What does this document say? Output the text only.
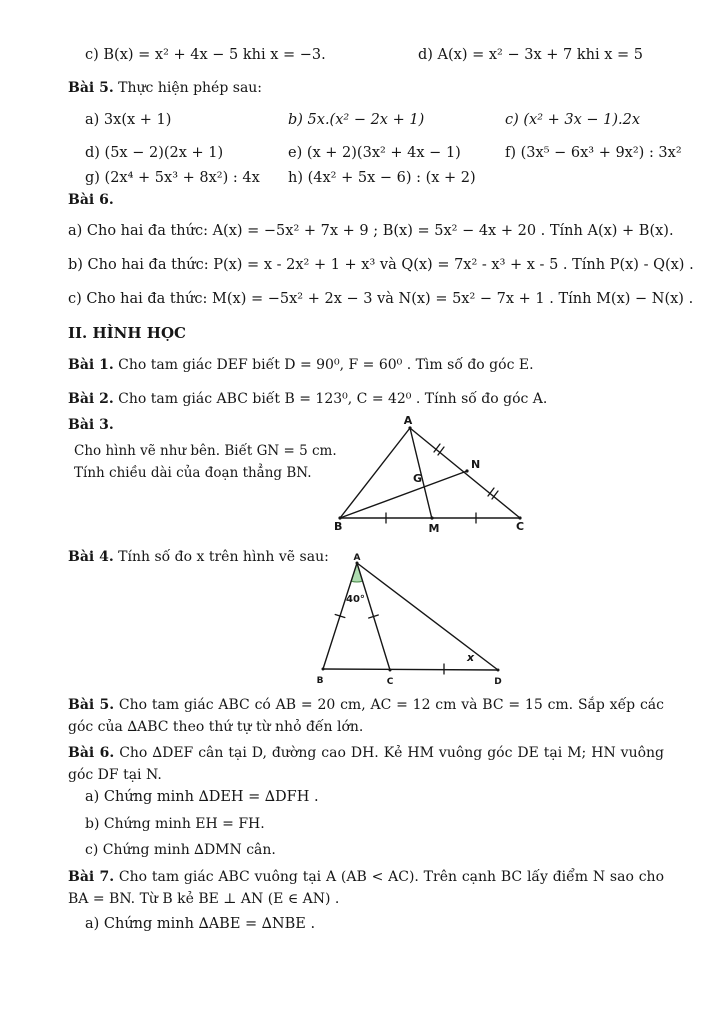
c) B(x) = x² + 4x − 5 khi x = −3.	d) A(x) = x² − 3x + 7 khi x = 5
Bài 5. Thực hiện phép sau:
a) 3x(x + 1)	b) 5x.(x² − 2x + 1)	c) (x² + 3x − 1).2x
d) (5x − 2)(2x + 1)	e) (x + 2)(3x² + 4x − 1)	f) (3x⁵ − 6x³ + 9x²) : 3x²
g) (2x⁴ + 5x³ + 8x²) : 4x h) (4x² + 5x − 6) : (x + 2)
Bài 6.
a) Cho hai đa thức: A(x) = −5x² + 7x + 9 ; B(x) = 5x² − 4x + 20 . Tính A(x) + B(x).
b) Cho hai đa thức: P(x) = x - 2x² + 1 + x³ và Q(x) = 7x² - x³ + x - 5 . Tính P(x) - Q(x) .
c) Cho hai đa thức: M(x) = −5x² + 2x − 3 và N(x) = 5x² − 7x + 1 . Tính M(x) − N(x) .
II. HÌNH HỌC
Bài 1. Cho tam giác DEF biết D = 90⁰, F = 60⁰ . Tìm số đo góc E.
Bài 2. Cho tam giác ABC biết B = 123⁰, C = 42⁰ . Tính số đo góc A.
Bài 3.
Cho hình vẽ như bên. Biết GN = 5 cm. Tính chiều dài của đoạn thẳng BN.
A
B	C
M
N
G
Bài 4. Tính số đo x trên hình vẽ sau:	A
B	C	D
40°
x
Bài 5. Cho tam giác ABC có AB = 20 cm, AC = 12 cm và BC = 15 cm. Sắp xếp các góc của ∆ABC theo thứ tự từ nhỏ đến lớn.
Bài 6. Cho ∆DEF cân tại D, đường cao DH. Kẻ HM vuông góc DE tại M; HN vuông góc DF tại N.
a) Chứng minh ∆DEH = ∆DFH .
b) Chứng minh EH = FH.
c) Chứng minh ∆DMN cân.
Bài 7. Cho tam giác ABC vuông tại A (AB < AC). Trên cạnh BC lấy điểm N sao cho BA = BN. Từ B kẻ BE ⊥ AN (E ∈ AN) .
a) Chứng minh ∆ABE = ∆NBE .
